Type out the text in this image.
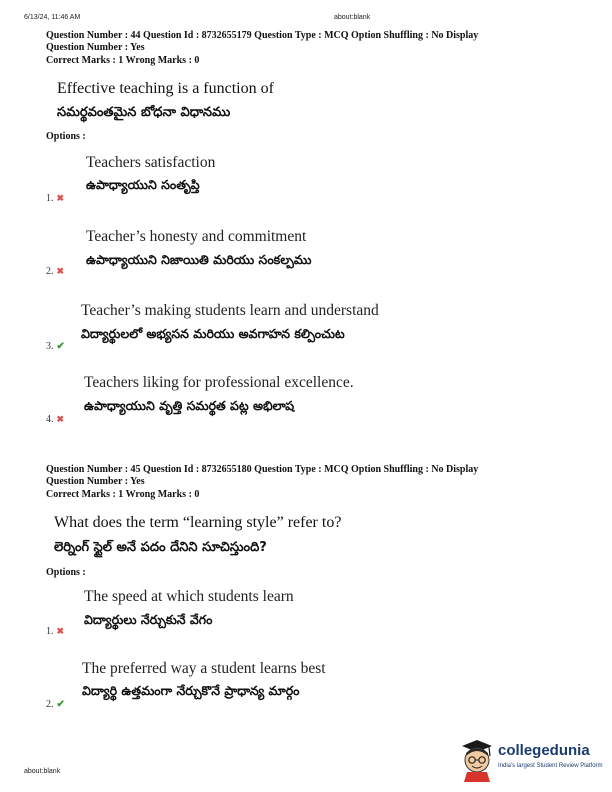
6/13/24, 11:46 AM	about:blank
Question Number : 44 Question Id : 8732655179 Question Type : MCQ Option Shuffling : No Display
Question Number : Yes
Correct Marks : 1 Wrong Marks : 0
Effective teaching is a function of
సమర్థవంతమైన బోధనా విధానము
Options :
Teachers satisfaction
ఉపాధ్యాయుని సంతృప్తి
1. ✖
Teacher’s honesty and commitment
ఉపాధ్యాయుని నిజాయితి మరియు సంకల్పము
2. ✖
Teacher’s making students learn and understand
విద్యార్థులలో అభ్యసన మరియు అవగాహన కల్పించుట
3. ✔
Teachers liking for professional excellence.
ఉపాధ్యాయుని వృత్తి సమర్థత పట్ల అభిలాష
4. ✖
Question Number : 45 Question Id : 8732655180 Question Type : MCQ Option Shuffling : No Display
Question Number : Yes
Correct Marks : 1 Wrong Marks : 0
What does the term “learning style” refer to?
లెర్నింగ్ స్టైల్ అనే పదం దేనిని సూచిస్తుంది?
Options :
The speed at which students learn
విద్యార్థులు నేర్చుకునే వేగం
1. ✖
The preferred way a student learns best
విద్యార్థి ఉత్తమంగా నేర్చుకొనే ప్రాధాన్య మార్గం
2. ✔
about:blank
collegedunia
India's largest Student Review Platform
